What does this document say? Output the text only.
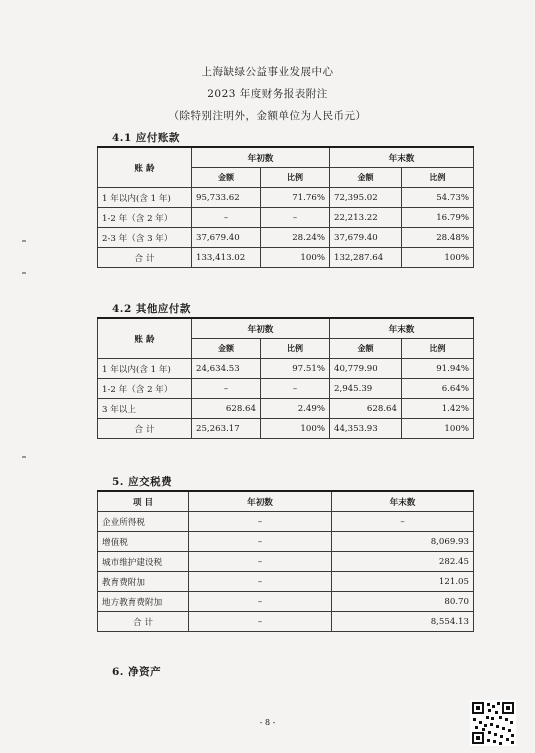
上海缺绿公益事业发展中心
2023 年度财务报表附注
（除特别注明外，金额单位为人民币元）
4.1 应付账款
账 龄	年初数		年末数	
	金额	比例	金额	比例
1 年以内(含 1 年)	95,733.62	71.76%	72,395.02	54.73%
1-2 年（含 2 年）	–	–	22,213.22	16.79%
2-3 年（含 3 年）	37,679.40	28.24%	37,679.40	28.48%
合 计	133,413.02	100%	132,287.64	100%
4.2 其他应付款
账 龄	年初数		年末数	
	金额	比例	金额	比例
1 年以内(含 1 年)	24,634.53	97.51%	40,779.90	91.94%
1-2 年（含 2 年）	–	–	2,945.39	6.64%
3 年以上	628.64	2.49%	628.64	1.42%
合 计	25,263.17	100%	44,353.93	100%
5. 应交税费
项 目	年初数	年末数
企业所得税	–	–
增值税	–	8,069.93
城市维护建设税	–	282.45
教育费附加	–	121.05
地方教育费附加	–	80.70
合 计	–	8,554.13
6. 净资产
- 8 -
